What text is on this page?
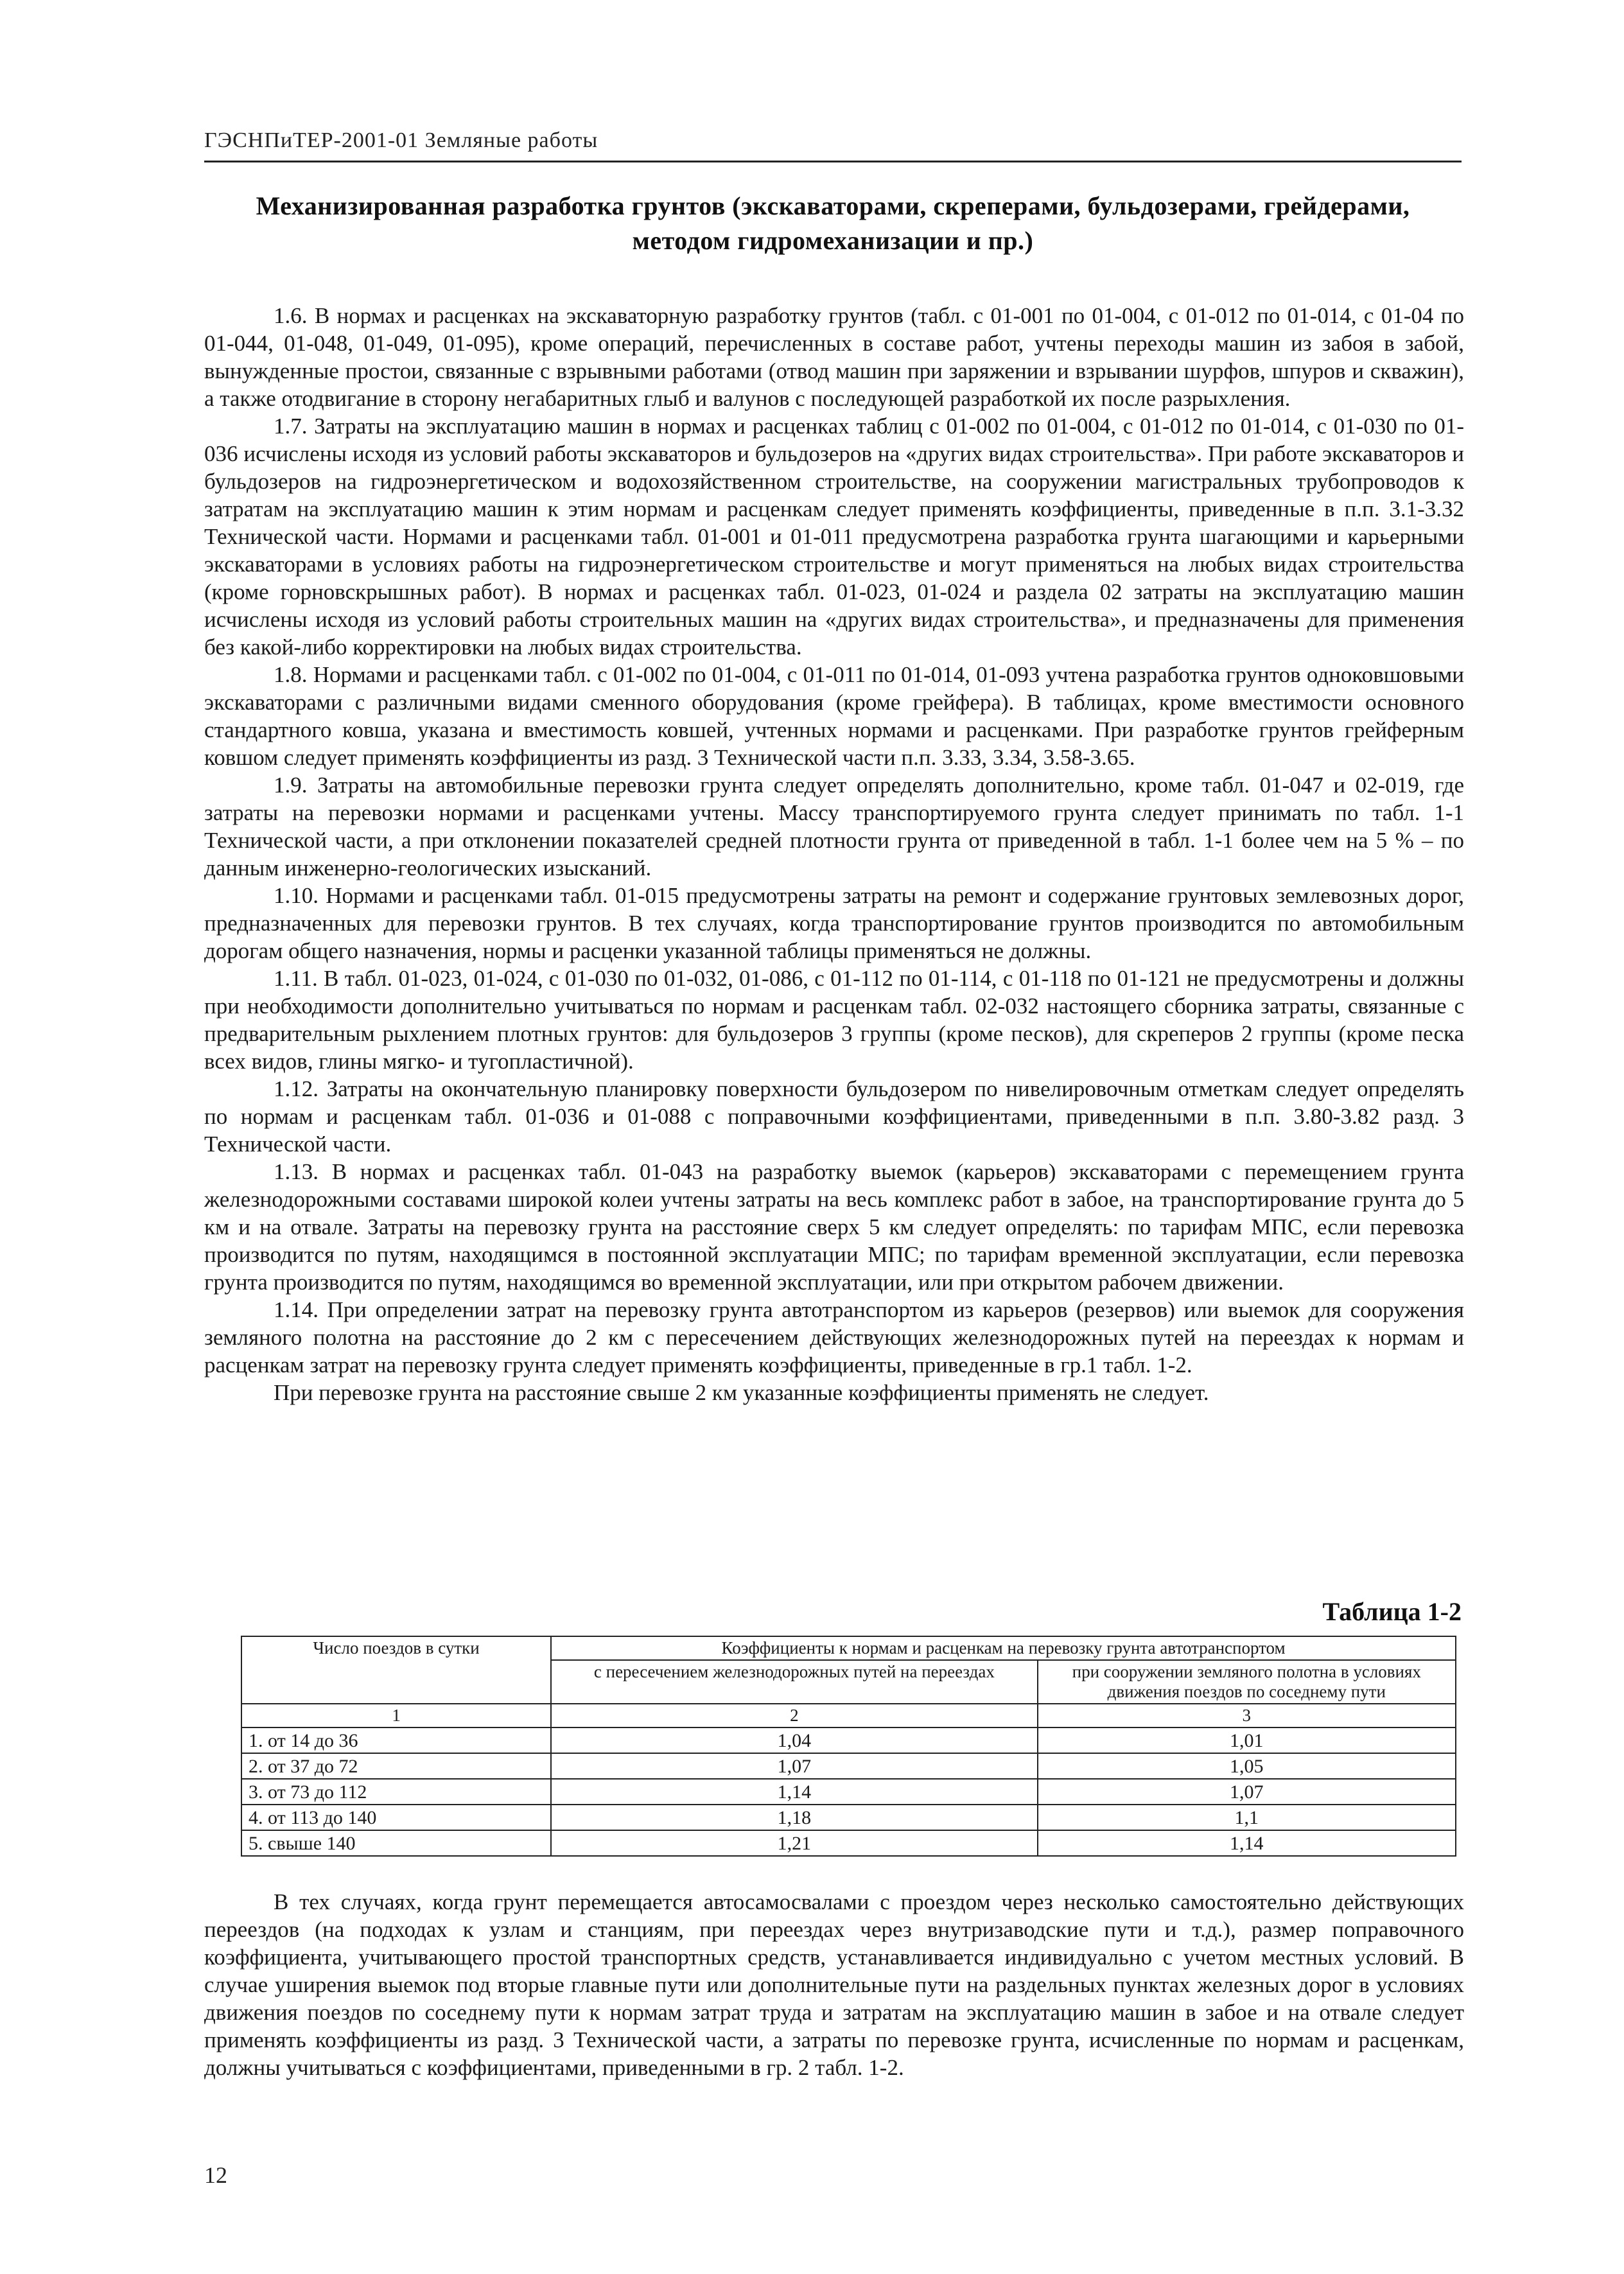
ГЭСНПиТЕР-2001-01 Земляные работы
Механизированная разработка грунтов (экскаваторами, скреперами, бульдозерами, грейдерами,
методом гидромеханизации и пр.)

1.6. В нормах и расценках на экскаваторную разработку грунтов (табл. с 01-001 по 01-004, с 01-012 по 01-014, с 01-04 по 01-044, 01-048, 01-049, 01-095), кроме операций, перечисленных в составе работ, учтены переходы машин из забоя в забой, вынужденные простои, связанные с взрывными работами (отвод машин при заряжении и взрывании шурфов, шпуров и скважин), а также отодвигание в сторону негабаритных глыб и валунов с последующей разработкой их после разрыхления.

1.7. Затраты на эксплуатацию машин в нормах и расценках таблиц с 01-002 по 01-004, с 01-012 по 01-014, с 01-030 по 01-036 исчислены исходя из условий работы экскаваторов и бульдозеров на «других видах строительства». При работе экскаваторов и бульдозеров на гидроэнергетическом и водохозяйственном строительстве, на сооружении магистральных трубопроводов к затратам на эксплуатацию машин к этим нормам и расценкам следует применять коэффициенты, приведенные в п.п. 3.1-3.32 Технической части. Нормами и расценками табл. 01-001 и 01-011 предусмотрена разработка грунта шагающими и карьерными экскаваторами в условиях работы на гидроэнергетическом строительстве и могут применяться на любых видах строительства (кроме горновскрышных работ). В нормах и расценках табл. 01-023, 01-024 и раздела 02 затраты на эксплуатацию машин исчислены исходя из условий работы строительных машин на «других видах строительства», и предназначены для применения без какой-либо корректировки на любых видах строительства.

1.8. Нормами и расценками табл. с 01-002 по 01-004, с 01-011 по 01-014, 01-093 учтена разработка грунтов одноковшовыми экскаваторами с различными видами сменного оборудования (кроме грейфера). В таблицах, кроме вместимости основного стандартного ковша, указана и вместимость ковшей, учтенных нормами и расценками. При разработке грунтов грейферным ковшом следует применять коэффициенты из разд. 3 Технической части п.п. 3.33, 3.34, 3.58-3.65.

1.9. Затраты на автомобильные перевозки грунта следует определять дополнительно, кроме табл. 01-047 и 02-019, где затраты на перевозки нормами и расценками учтены. Массу транспортируемого грунта следует принимать по табл. 1-1 Технической части, а при отклонении показателей средней плотности грунта от приведенной в табл. 1-1 более чем на 5 % – по данным инженерно-геологических изысканий.

1.10. Нормами и расценками табл. 01-015 предусмотрены затраты на ремонт и содержание грунтовых землевозных дорог, предназначенных для перевозки грунтов. В тех случаях, когда транспортирование грунтов производится по автомобильным дорогам общего назначения, нормы и расценки указанной таблицы применяться не должны.

1.11. В табл. 01-023, 01-024, с 01-030 по 01-032, 01-086, с 01-112 по 01-114, с 01-118 по 01-121 не предусмотрены и должны при необходимости дополнительно учитываться по нормам и расценкам табл. 02-032 настоящего сборника затраты, связанные с предварительным рыхлением плотных грунтов: для бульдозеров 3 группы (кроме песков), для скреперов 2 группы (кроме песка всех видов, глины мягко- и тугопластичной).

1.12. Затраты на окончательную планировку поверхности бульдозером по нивелировочным отметкам следует определять по нормам и расценкам табл. 01-036 и 01-088 с поправочными коэффициентами, приведенными в п.п. 3.80-3.82 разд. 3 Технической части.

1.13. В нормах и расценках табл. 01-043 на разработку выемок (карьеров) экскаваторами с перемещением грунта железнодорожными составами широкой колеи учтены затраты на весь комплекс работ в забое, на транспортирование грунта до 5 км и на отвале. Затраты на перевозку грунта на расстояние сверх 5 км следует определять: по тарифам МПС, если перевозка производится по путям, находящимся в постоянной эксплуатации МПС; по тарифам временной эксплуатации, если перевозка грунта производится по путям, находящимся во временной эксплуатации, или при открытом рабочем движении.

1.14. При определении затрат на перевозку грунта автотранспортом из карьеров (резервов) или выемок для сооружения земляного полотна на расстояние до 2 км с пересечением действующих железнодорожных путей на переездах к нормам и расценкам затрат на перевозку грунта следует применять коэффициенты, приведенные в гр.1 табл. 1-2.

При перевозке грунта на расстояние свыше 2 км указанные коэффициенты применять не следует.

Таблица 1-2
Число поездов в сутки	Коэффициенты к нормам и расценкам на перевозку грунта автотранспортом	
	с пересечением железнодорожных путей на переездах	при сооружении земляного полотна в условиях движения поездов по соседнему пути
1	2	3
1. от 14 до 36	1,04	1,01
2. от 37 до 72	1,07	1,05
3. от 73 до 112	1,14	1,07
4. от 113 до 140	1,18	1,1
5. свыше 140	1,21	1,14

В тех случаях, когда грунт перемещается автосамосвалами с проездом через несколько самостоятельно действующих переездов (на подходах к узлам и станциям, при переездах через внутризаводские пути и т.д.), размер поправочного коэффициента, учитывающего простой транспортных средств, устанавливается индивидуально с учетом местных условий. В случае уширения выемок под вторые главные пути или дополнительные пути на раздельных пунктах железных дорог в условиях движения поездов по соседнему пути к нормам затрат труда и затратам на эксплуатацию машин в забое и на отвале следует применять коэффициенты из разд. 3 Технической части, а затраты по перевозке грунта, исчисленные по нормам и расценкам, должны учитываться с коэффициентами, приведенными в гр. 2 табл. 1-2.

12
